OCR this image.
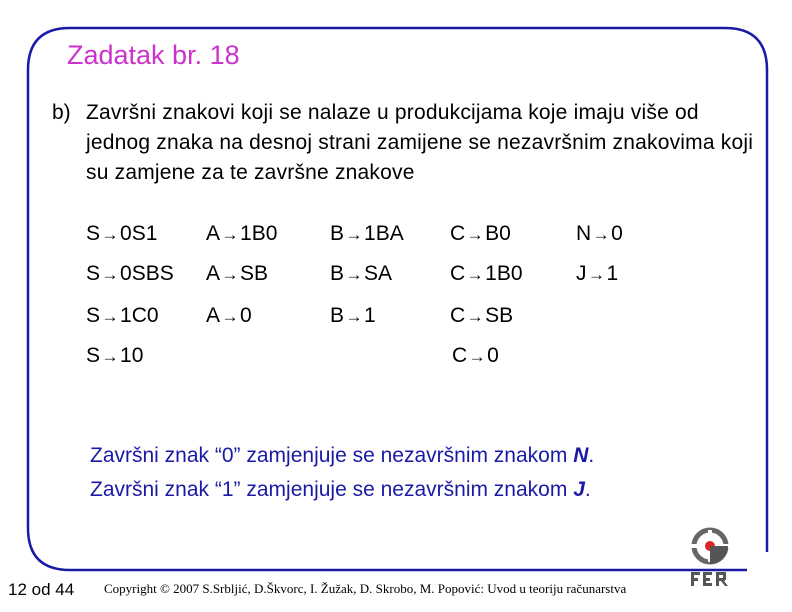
Zadatak br. 18
b) Završni znakovi koji se nalaze u produkcijama koje imaju više od jednog znaka na desnoj strani zamijene se nezavršnim znakovima koji su zamjene za te završne znakove
S→0S1 A→1B0	B→1BA C→B0	N→0
S→0SBS A→SB	B→SA	C→1B0	J→1
S→1C0 A→0	B→1	C→SB
S→10	C→0
Završni znak “0” zamjenjuje se nezavršnim znakom N.
Završni znak “1” zamjenjuje se nezavršnim znakom J.
12 od 44 Copyright © 2007 S.Srbljić, D.Škvorc, I. Žužak, D. Skrobo, M. Popović: Uvod u teoriju računarstva
